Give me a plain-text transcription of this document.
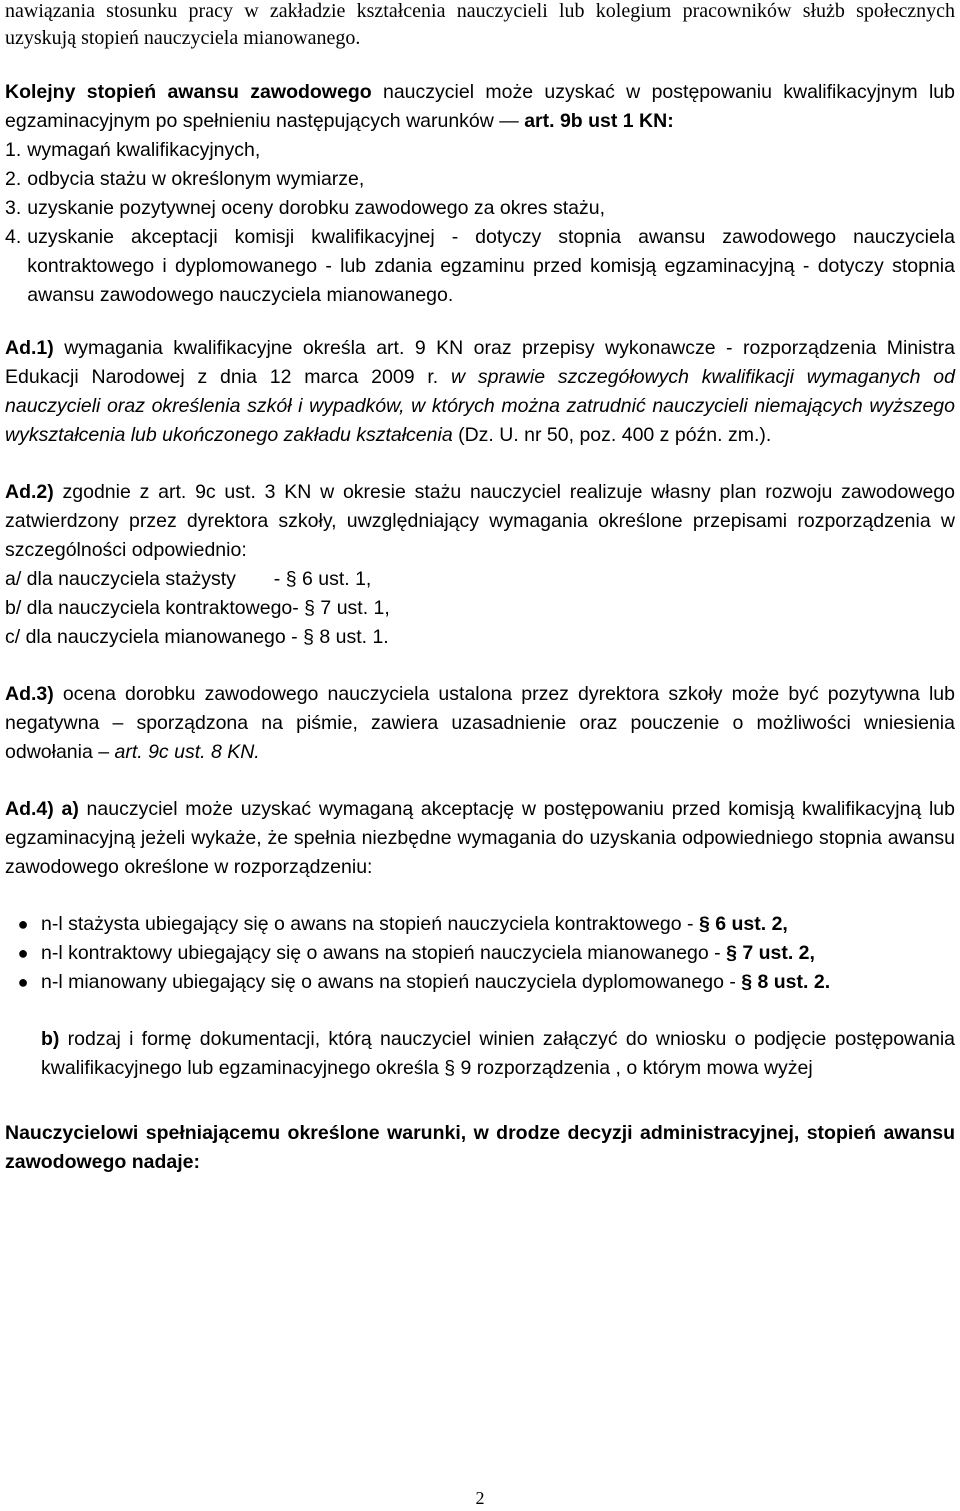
nawiązania stosunku pracy w zakładzie kształcenia nauczycieli lub kolegium pracowników służb społecznych uzyskują stopień nauczyciela mianowanego.

Kolejny stopień awansu zawodowego nauczyciel może uzyskać w postępowaniu kwalifikacyjnym lub egzaminacyjnym po spełnieniu następujących warunków — art. 9b ust 1 KN:

1. wymagań kwalifikacyjnych,
2. odbycia stażu w określonym wymiarze,
3. uzyskanie pozytywnej oceny dorobku zawodowego za okres stażu,
4. uzyskanie akceptacji komisji kwalifikacyjnej - dotyczy stopnia awansu zawodowego nauczyciela kontraktowego i dyplomowanego - lub zdania egzaminu przed komisją egzaminacyjną - dotyczy stopnia awansu zawodowego nauczyciela mianowanego.

Ad.1) wymagania kwalifikacyjne określa art. 9 KN oraz przepisy wykonawcze - rozporządzenia Ministra Edukacji Narodowej z dnia 12 marca 2009 r. w sprawie szczegółowych kwalifikacji wymaganych od nauczycieli oraz określenia szkół i wypadków, w których można zatrudnić nauczycieli niemających wyższego wykształcenia lub ukończonego zakładu kształcenia (Dz. U. nr 50, poz. 400 z późn. zm.).

Ad.2) zgodnie z art. 9c ust. 3 KN w okresie stażu nauczyciel realizuje własny plan rozwoju zawodowego zatwierdzony przez dyrektora szkoły, uwzględniający wymagania określone przepisami rozporządzenia w szczególności odpowiednio:

a/ dla nauczyciela stażysty       - § 6 ust. 1,

b/ dla nauczyciela kontraktowego- § 7 ust. 1,

c/ dla nauczyciela mianowanego - § 8 ust. 1.

Ad.3) ocena dorobku zawodowego nauczyciela ustalona przez dyrektora szkoły może być pozytywna lub negatywna – sporządzona na piśmie, zawiera uzasadnienie oraz pouczenie o możliwości wniesienia odwołania – art. 9c ust. 8 KN.

Ad.4) a) nauczyciel może uzyskać wymaganą akceptację w postępowaniu przed komisją kwalifikacyjną lub egzaminacyjną jeżeli wykaże, że spełnia niezbędne wymagania do uzyskania odpowiedniego stopnia awansu zawodowego określone w rozporządzeniu:

● n-l stażysta ubiegający się o awans na stopień nauczyciela kontraktowego - § 6 ust. 2,
● n-l kontraktowy ubiegający się o awans na stopień nauczyciela mianowanego - § 7 ust. 2,
● n-l mianowany ubiegający się o awans na stopień nauczyciela dyplomowanego - § 8 ust. 2.

b) rodzaj i formę dokumentacji, którą nauczyciel winien załączyć do wniosku o podjęcie postępowania kwalifikacyjnego lub egzaminacyjnego określa § 9 rozporządzenia , o którym mowa wyżej

Nauczycielowi spełniającemu określone warunki, w drodze decyzji administracyjnej, stopień awansu zawodowego nadaje:

2
